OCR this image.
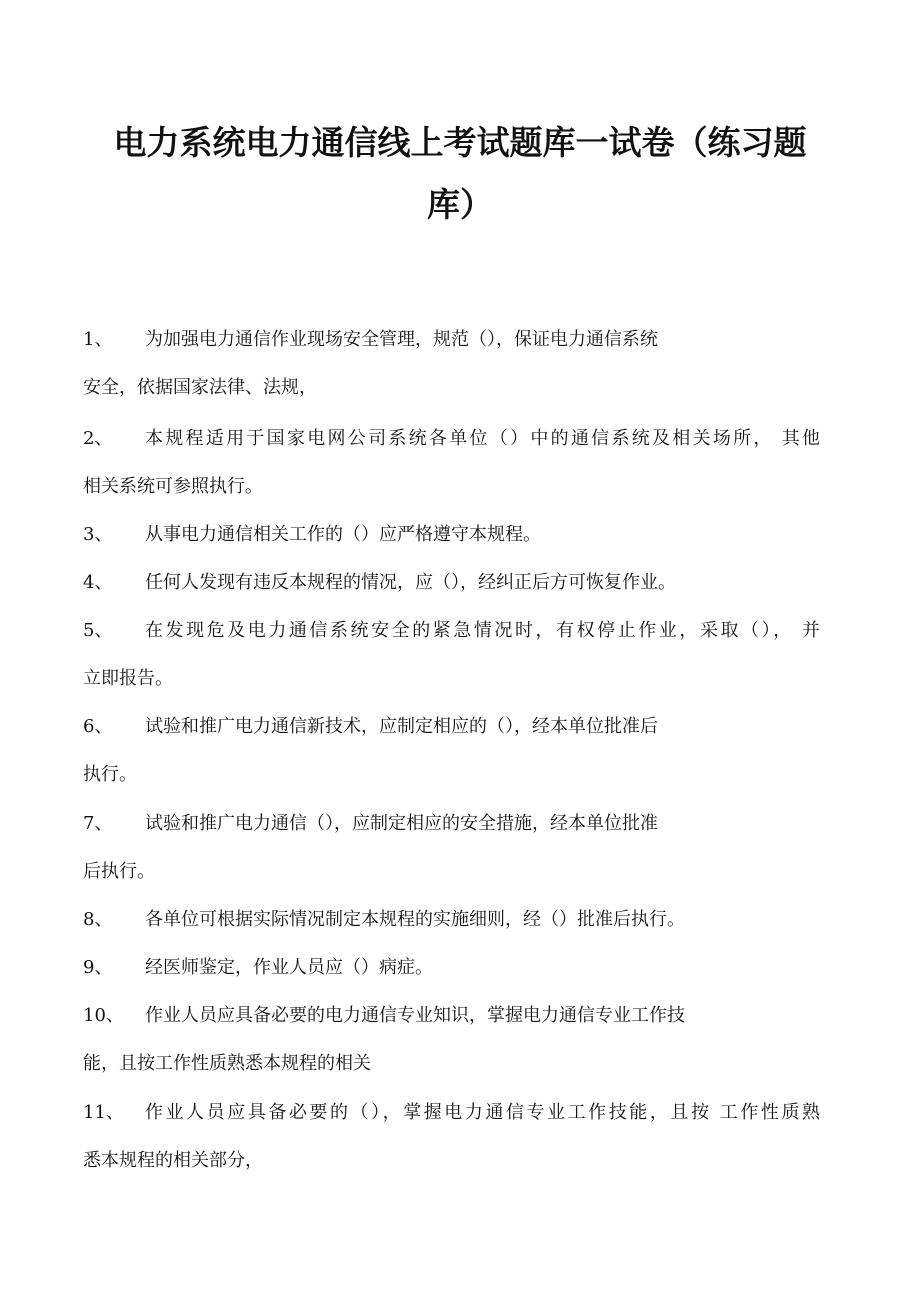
电力系统电力通信线上考试题库一试卷（练习题
库）
1、 为加强电力通信作业现场安全管理，规范（），保证电力通信系统
安全，依据国家法律、法规，
2、 本规程适用于国家电网公司系统各单位（）中的通信系统及相关场所， 其他
相关系统可参照执行。
3、 从事电力通信相关工作的（）应严格遵守本规程。
4、 任何人发现有违反本规程的情况，应（），经纠正后方可恢复作业。
5、 在发现危及电力通信系统安全的紧急情况时，有权停止作业，采取（）， 并
立即报告。
6、 试验和推广电力通信新技术，应制定相应的（），经本单位批准后
执行。
7、 试验和推广电力通信（），应制定相应的安全措施，经本单位批准
后执行。
8、 各单位可根据实际情况制定本规程的实施细则，经（）批准后执行。
9、 经医师鉴定，作业人员应（）病症。
10、 作业人员应具备必要的电力通信专业知识，掌握电力通信专业工作技
能，且按工作性质熟悉本规程的相关
11、 作业人员应具备必要的（），掌握电力通信专业工作技能，且按 工作性质熟
悉本规程的相关部分，
